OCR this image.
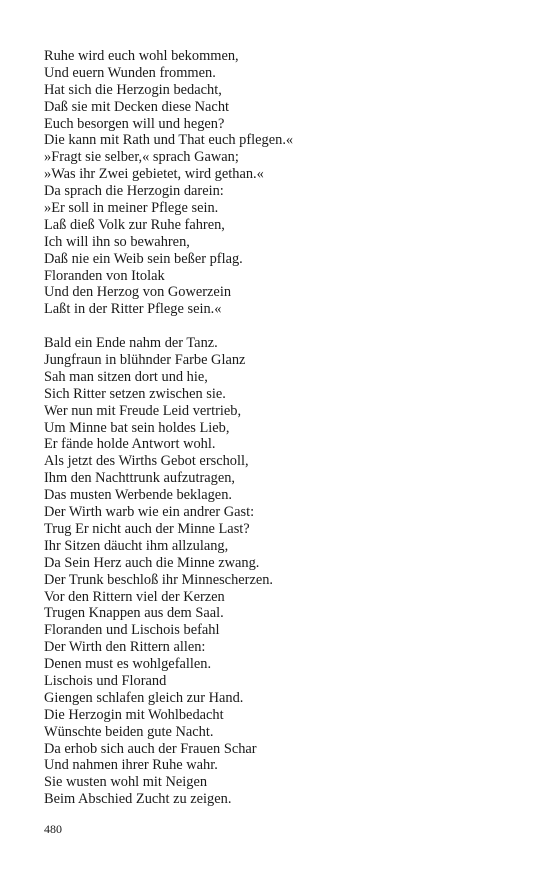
Ruhe wird euch wohl bekommen,
Und euern Wunden frommen.
Hat sich die Herzogin bedacht,
Daß sie mit Decken diese Nacht
Euch besorgen will und hegen?
Die kann mit Rath und That euch pflegen.«
»Fragt sie selber,« sprach Gawan;
»Was ihr Zwei gebietet, wird gethan.«
Da sprach die Herzogin darein:
»Er soll in meiner Pflege sein.
Laß dieß Volk zur Ruhe fahren,
Ich will ihn so bewahren,
Daß nie ein Weib sein beßer pflag.
Floranden von Itolak
Und den Herzog von Gowerzein
Laßt in der Ritter Pflege sein.«
Bald ein Ende nahm der Tanz.
Jungfraun in blühnder Farbe Glanz
Sah man sitzen dort und hie,
Sich Ritter setzen zwischen sie.
Wer nun mit Freude Leid vertrieb,
Um Minne bat sein holdes Lieb,
Er fände holde Antwort wohl.
Als jetzt des Wirths Gebot erscholl,
Ihm den Nachttrunk aufzutragen,
Das musten Werbende beklagen.
Der Wirth warb wie ein andrer Gast:
Trug Er nicht auch der Minne Last?
Ihr Sitzen däucht ihm allzulang,
Da Sein Herz auch die Minne zwang.
Der Trunk beschloß ihr Minnescherzen.
Vor den Rittern viel der Kerzen
Trugen Knappen aus dem Saal.
Floranden und Lischois befahl
Der Wirth den Rittern allen:
Denen must es wohlgefallen.
Lischois und Florand
Giengen schlafen gleich zur Hand.
Die Herzogin mit Wohlbedacht
Wünschte beiden gute Nacht.
Da erhob sich auch der Frauen Schar
Und nahmen ihrer Ruhe wahr.
Sie wusten wohl mit Neigen
Beim Abschied Zucht zu zeigen.
480
